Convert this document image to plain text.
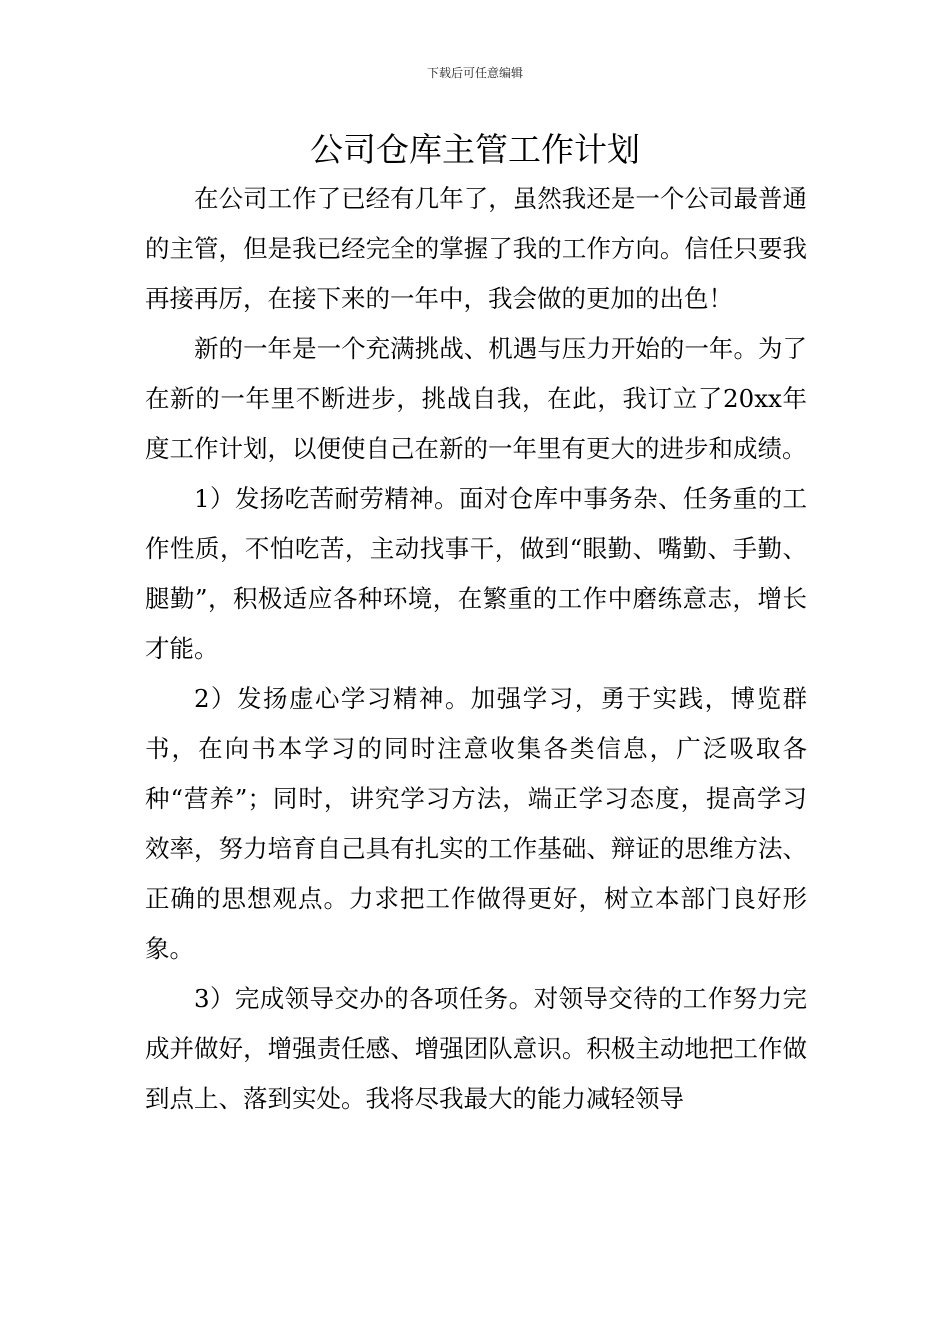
下载后可任意编辑
公司仓库主管工作计划

在公司工作了已经有几年了，虽然我还是一个公司最普通的主管，但是我已经完全的掌握了我的工作方向。信任只要我再接再厉，在接下来的一年中，我会做的更加的出色！

新的一年是一个充满挑战、机遇与压力开始的一年。为了在新的一年里不断进步，挑战自我，在此，我订立了20xx年度工作计划，以便使自己在新的一年里有更大的进步和成绩。

1）发扬吃苦耐劳精神。面对仓库中事务杂、任务重的工作性质，不怕吃苦，主动找事干，做到“眼勤、嘴勤、手勤、腿勤”，积极适应各种环境，在繁重的工作中磨练意志，增长才能。

2）发扬虚心学习精神。加强学习，勇于实践，博览群书，在向书本学习的同时注意收集各类信息，广泛吸取各种“营养”；同时，讲究学习方法，端正学习态度，提高学习效率，努力培育自己具有扎实的工作基础、辩证的思维方法、正确的思想观点。力求把工作做得更好，树立本部门良好形象。

3）完成领导交办的各项任务。对领导交待的工作努力完成并做好，增强责任感、增强团队意识。积极主动地把工作做到点上、落到实处。我将尽我最大的能力减轻领导
